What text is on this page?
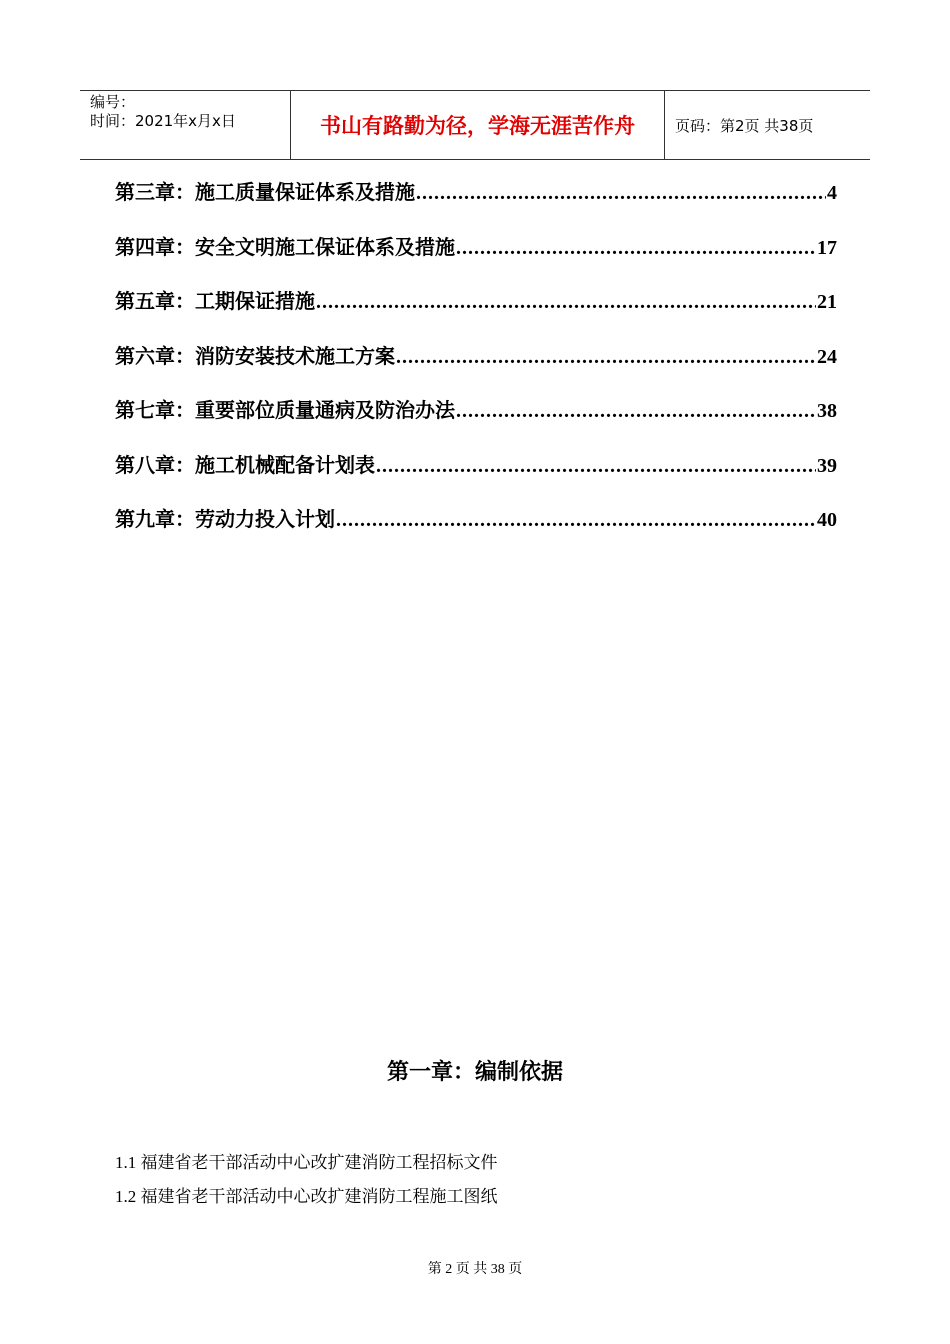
编号：
时间：2021年x月x日	书山有路勤为径，学海无涯苦作舟	页码：第2页 共38页
第三章：施工质量保证体系及措施 .....	4
第四章：安全文明施工保证体系及措施 .....	17
第五章：工期保证措施 .....	21
第六章：消防安装技术施工方案 .....	24
第七章：重要部位质量通病及防治办法 .....	38
第八章：施工机械配备计划表 .....	39
第九章：劳动力投入计划 .....	40
第一章：编制依据
1.1 福建省老干部活动中心改扩建消防工程招标文件
1.2 福建省老干部活动中心改扩建消防工程施工图纸
第 2 页 共 38 页
